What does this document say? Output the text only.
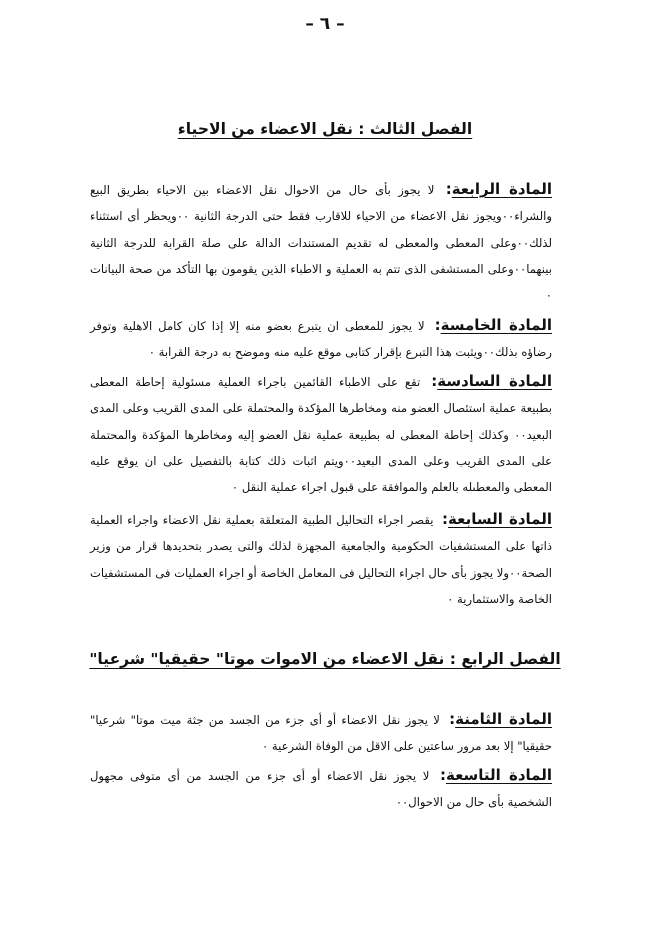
– ٦ –
الفصل الثالث : نقل الاعضاء من الاحياء
المادة الرابعة: لا يجوز بأى حال من الاحوال نقل الاعضاء بين الاحياء بطريق البيع والشراء٠٠ويجوز نقل الاعضاء من الاحياء للاقارب فقط حتى الدرجة الثانية ٠٠ويحظر أى استثناء لذلك٠٠وعلى المعطى والمعطى له تقديم المستندات الدالة على صلة القرابة للدرجة الثانية بينهما٠٠وعلى المستشفى الذى تتم به العملية و الاطباء الذين يقومون بها التأكد من صحة البيانات ٠
المادة الخامسة: لا يجوز للمعطى ان يتبرع بعضو منه إلا إذا كان كامل الاهلية وتوفر رضاؤه بذلك٠٠ويثبت هذا التبرع بإقرار كتابى موقع عليه منه وموضح به درجة القرابة ٠
المادة السادسة: تقع على الاطباء القائمين باجراء العملية مسئولية إحاطة المعطى بطبيعة عملية استئصال العضو منه ومخاطرها المؤكدة والمحتملة على المدى القريب وعلى المدى البعيد٠٠ وكذلك إحاطة المعطى له بطبيعة عملية نقل العضو إليه ومخاطرها المؤكدة والمحتملة على المدى القريب وعلى المدى البعيد٠٠ويتم اثبات ذلك كتابة بالتفصيل على ان يوقع عليه المعطى والمعطىله بالعلم والموافقة على قبول اجراء عملية النقل ٠
المادة السابعة: يقصر اجراء التحاليل الطبية المتعلقة بعملية نقل الاعضاء واجراء العملية ذاتها على المستشفيات الحكومية والجامعية المجهزة لذلك والتى يصدر بتحديدها قرار من وزير الصحة٠٠ولا يجوز بأى حال اجراء التحاليل فى المعامل الخاصة أو اجراء العمليات فى المستشفيات الخاصة والاستثمارية ٠
الفصل الرابع : نقل الاعضاء من الاموات موتا" حقيقيا" شرعيا"
المادة الثامنة: لا يجوز نقل الاعضاء أو أى جزء من الجسد من جثة ميت موتا" شرعيا" حقيقيا" إلا بعد مرور ساعتين على الاقل من الوفاة الشرعية ٠
المادة التاسعة: لا يجوز نقل الاعضاء أو أى جزء من الجسد من أى متوفى مجهول الشخصية بأى حال من الاحوال٠٠
